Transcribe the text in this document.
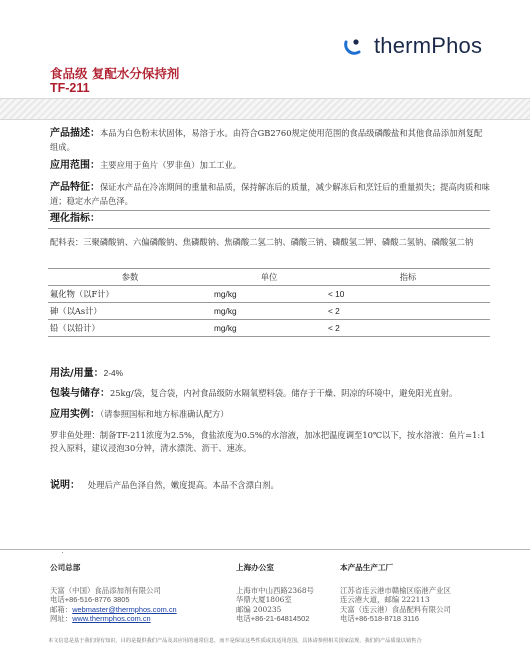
thermPhos
食品级 复配水分保持剂
TF-211
产品描述：本品为白色粉末状固体，易溶于水。由符合GB2760规定使用范围的食品级磷酸盐和其他食品添加剂复配组成。
应用范围：主要应用于鱼片（罗非鱼）加工工业。
产品特征：保证水产品在冷冻期间的重量和品质，保持解冻后的质量，减少解冻后和烹饪后的重量损失；提高肉质和味道；稳定水产品色泽。
理化指标：
配料表：三聚磷酸钠、六偏磷酸钠、焦磷酸钠、焦磷酸二氢二钠、磷酸三钠、磷酸氢二钾、磷酸二氢钠、磷酸氢二钠
参数	单位	指标
氟化物（以F计）	mg/kg	< 10
砷（以As计）	mg/kg	< 2
铅（以铅计）	mg/kg	< 2
用法/用量：2-4%
包装与储存：25kg/袋，复合袋，内衬食品级防水隔氧塑料袋。储存于干燥、阴凉的环境中，避免阳光直射。
应用实例：（请参照国标和地方标准确认配方）
罗非鱼处理：制备TF-211浓度为2.5%，食盐浓度为0.5%的水溶液，加冰把温度调至10℃以下，按水溶液：鱼片=1:1投入原料，建议浸泡30分钟，清水漂洗、沥干、速冻。
说明： 处理后产品色泽自然，嫩度提高。本品不含漂白剂。
公司总部
天富（中国）食品添加剂有限公司
电话+86-516-8776 3805
邮箱：webmaster@thermphos.com.cn
网址：www.thermphos.com.cn
上海办公室
上海市中山西路2368号
华鼎大厦1806室
邮编 200235
电话+86-21-64814502
本产品生产工厂
江苏省连云港市赣榆区临港产业区
连云港大道，邮编 222113
天富（连云港）食品配料有限公司
电话+86-518-8718 3116
本文信息是基于我们现有知识，目的是提供我们产品及其应用的通常信息，而不是保证这些性质或其适用范围，具体请参照相关国家法规，我们的产品质量以销售合
